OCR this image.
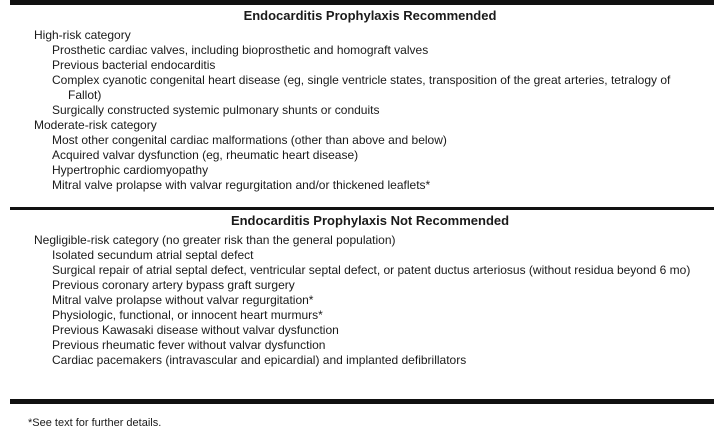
Endocarditis Prophylaxis Recommended
High-risk category
Prosthetic cardiac valves, including bioprosthetic and homograft valves
Previous bacterial endocarditis
Complex cyanotic congenital heart disease (eg, single ventricle states, transposition of the great arteries, tetralogy of Fallot)
Surgically constructed systemic pulmonary shunts or conduits
Moderate-risk category
Most other congenital cardiac malformations (other than above and below)
Acquired valvar dysfunction (eg, rheumatic heart disease)
Hypertrophic cardiomyopathy
Mitral valve prolapse with valvar regurgitation and/or thickened leaflets*
Endocarditis Prophylaxis Not Recommended
Negligible-risk category (no greater risk than the general population)
Isolated secundum atrial septal defect
Surgical repair of atrial septal defect, ventricular septal defect, or patent ductus arteriosus (without residua beyond 6 mo)
Previous coronary artery bypass graft surgery
Mitral valve prolapse without valvar regurgitation*
Physiologic, functional, or innocent heart murmurs*
Previous Kawasaki disease without valvar dysfunction
Previous rheumatic fever without valvar dysfunction
Cardiac pacemakers (intravascular and epicardial) and implanted defibrillators
*See text for further details.
